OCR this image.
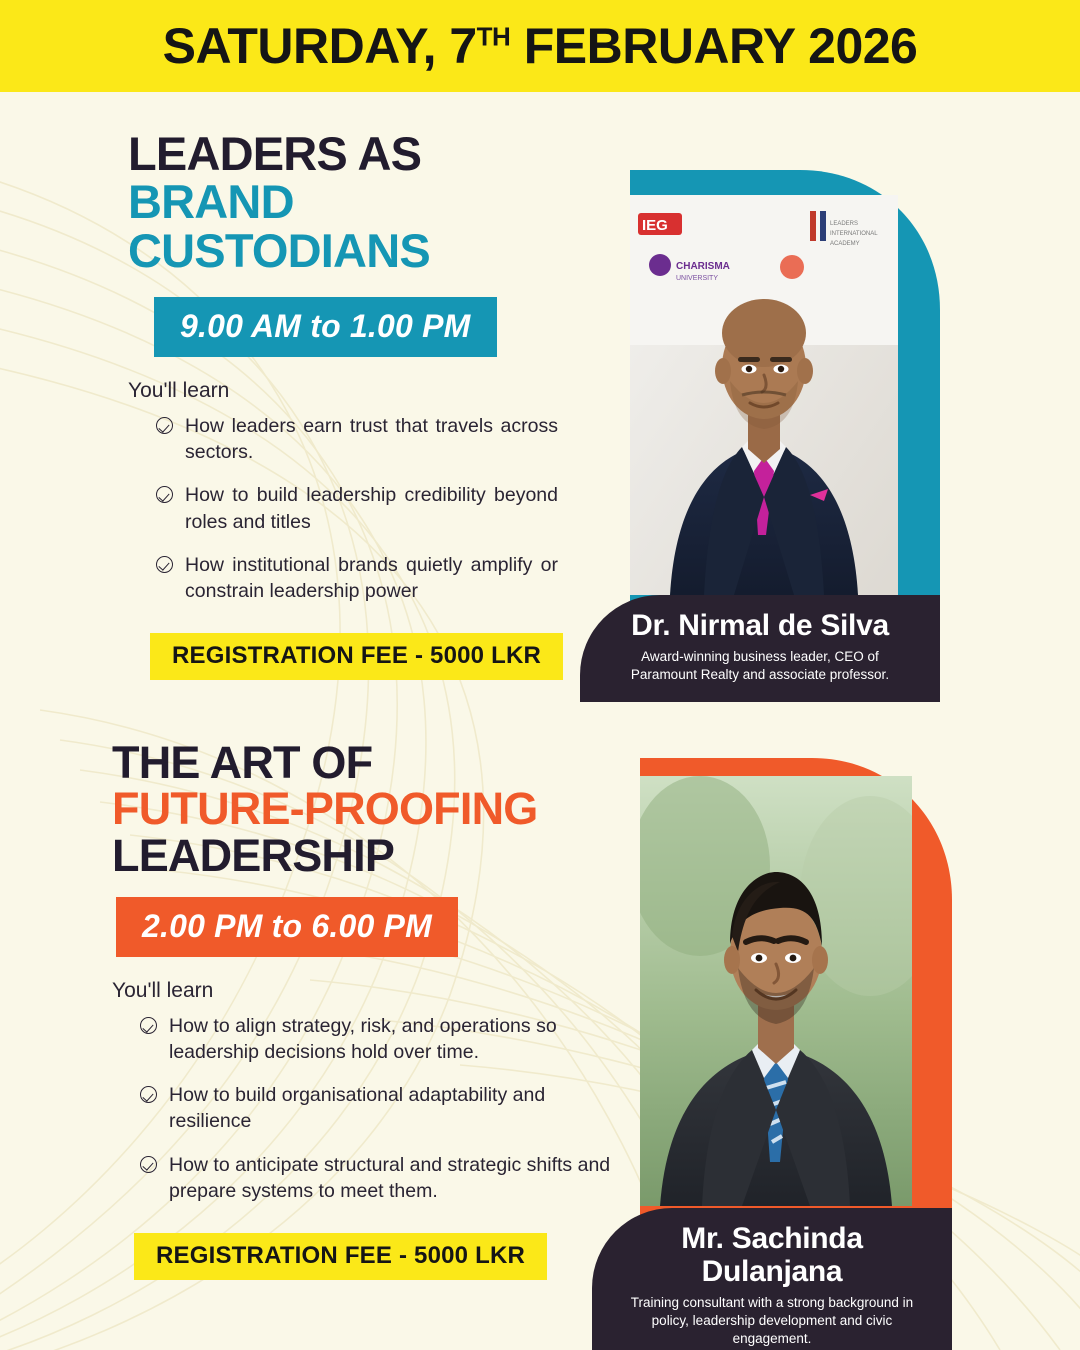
SATURDAY, 7TH FEBRUARY 2026
LEADERS AS
BRAND
CUSTODIANS
9.00 AM to 1.00 PM
You'll learn
How leaders earn trust that travels across sectors.
How to build leadership credibility beyond roles and titles
How institutional brands quietly amplify or constrain leadership power
REGISTRATION FEE - 5000 LKR
IEG
CHARISMA
UNIVERSITY
LEADERS
INTERNATIONAL
ACADEMY
Dr. Nirmal de Silva
Award-winning business leader, CEO of Paramount Realty and associate professor.
THE ART OF
FUTURE-PROOFING
LEADERSHIP
2.00 PM to 6.00 PM
You'll learn
How to align strategy, risk, and operations so leadership decisions hold over time.
How to build organisational adaptability and resilience
How to anticipate structural and strategic shifts and prepare systems to meet them.
REGISTRATION FEE - 5000 LKR
Mr. Sachinda Dulanjana
Training consultant with a strong background in policy, leadership development and civic engagement.
